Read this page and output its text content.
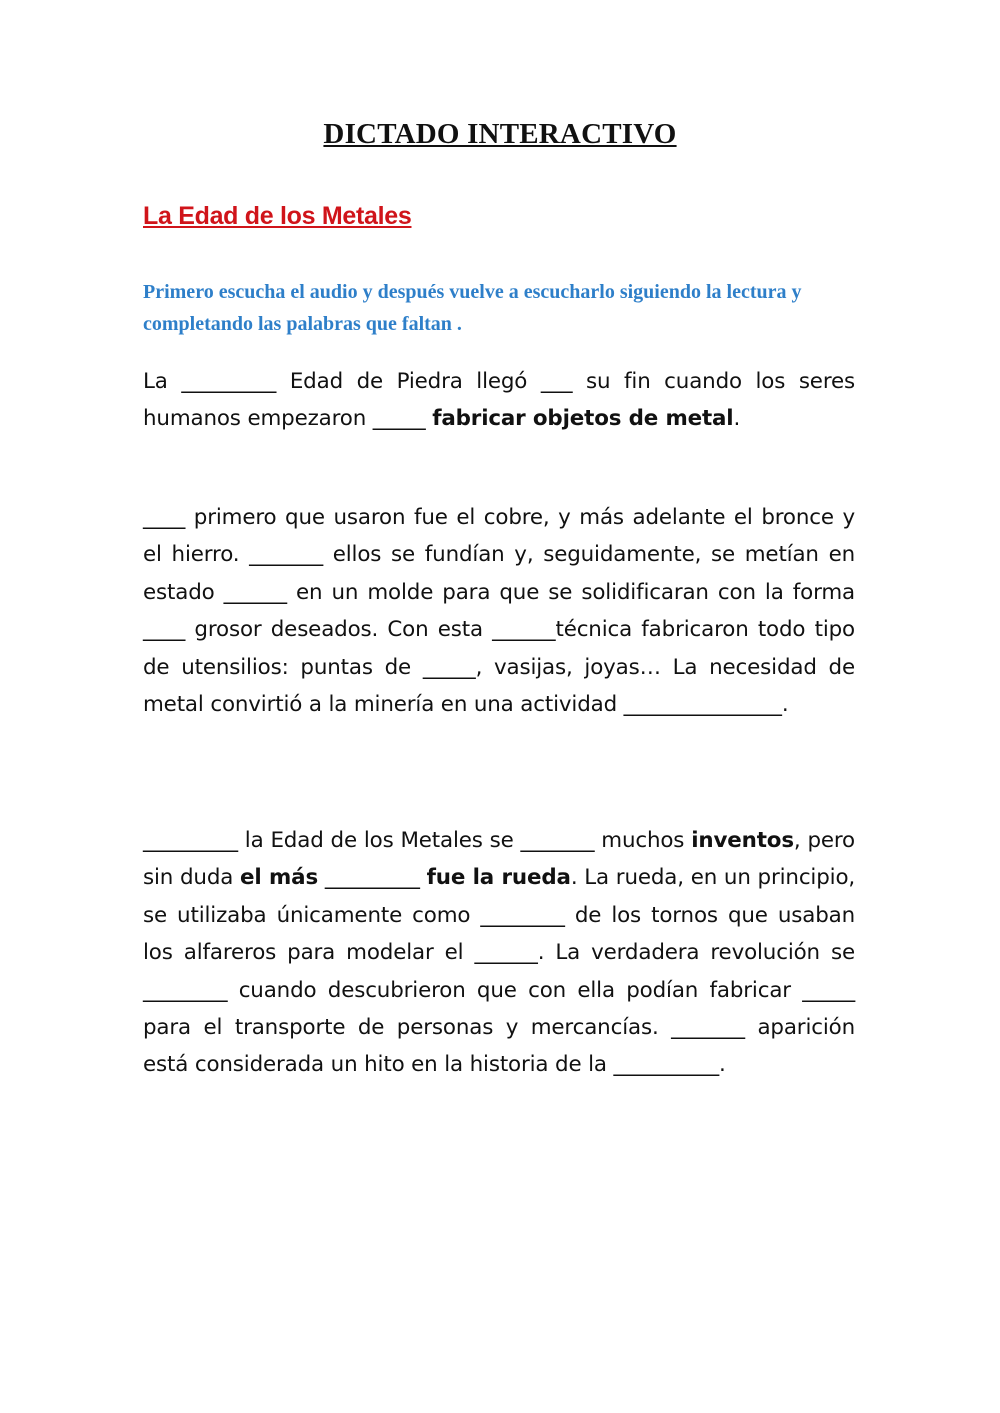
DICTADO INTERACTIVO
La Edad de los Metales

Primero escucha el audio y después vuelve a escucharlo siguiendo la lectura y completando las palabras que faltan .

La _________ Edad de Piedra llegó ___ su fin cuando los seres humanos empezaron _____ fabricar objetos de metal.

____ primero que usaron fue el cobre, y más adelante el bronce y el hierro. _______ ellos se fundían y, seguidamente, se metían en estado ______ en un molde para que se solidificaran con la forma ____ grosor deseados. Con esta ______técnica fabricaron todo tipo de utensilios: puntas de _____, vasijas, joyas… La necesidad de metal convirtió a la minería en una actividad _______________.

_________ la Edad de los Metales se _______ muchos inventos, pero sin duda el más _________ fue la rueda. La rueda, en un principio, se utilizaba únicamente como ________ de los tornos que usaban los alfareros para modelar el ______. La verdadera revolución se ________ cuando descubrieron que con ella podían fabricar _____ para el transporte de personas y mercancías. _______ aparición está considerada un hito en la historia de la __________.
